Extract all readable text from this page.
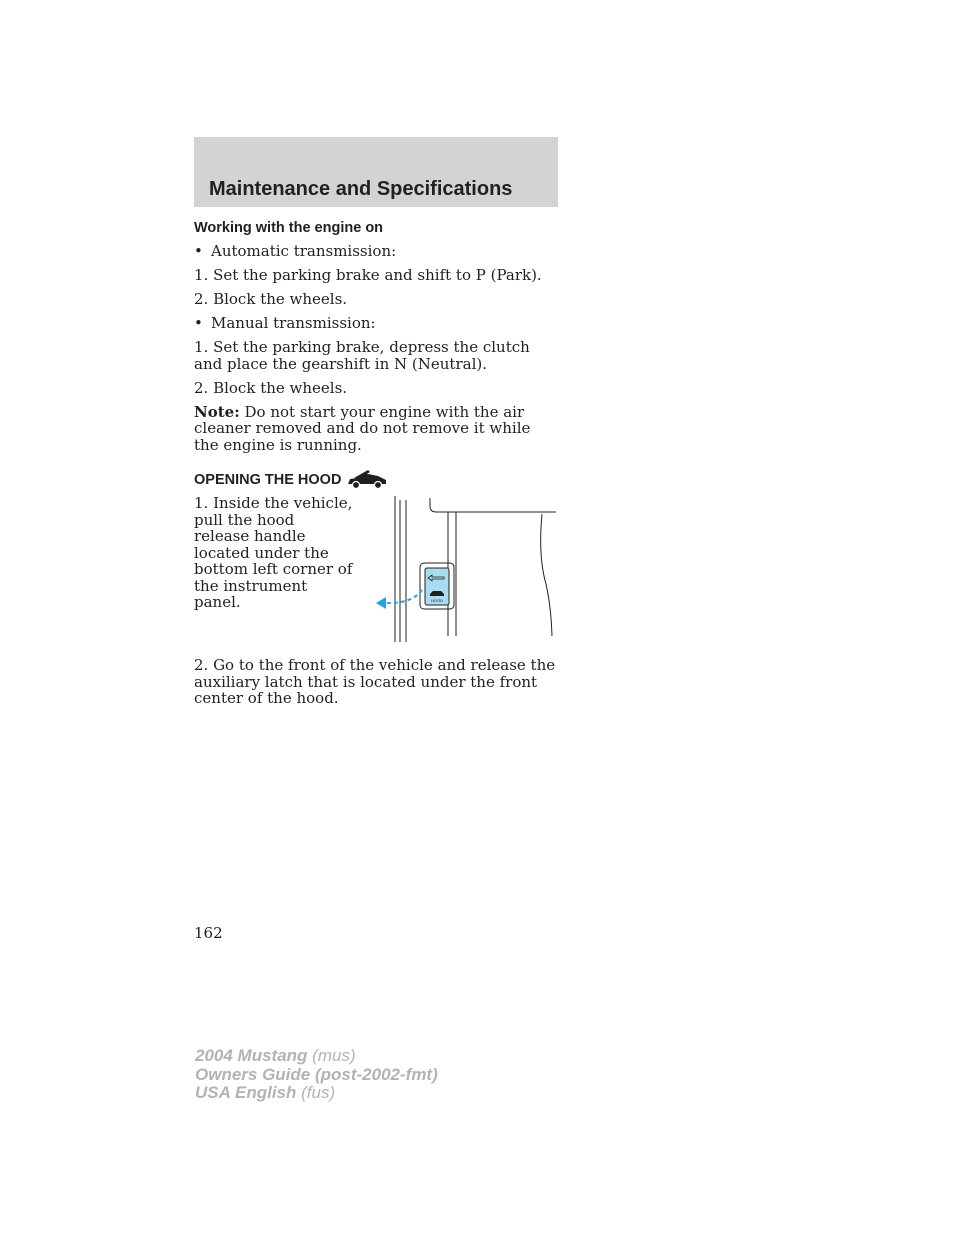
Maintenance and Specifications

Working with the engine on

• Automatic transmission:

1. Set the parking brake and shift to P (Park).

2. Block the wheels.

• Manual transmission:

1. Set the parking brake, depress the clutch and place the gearshift in N (Neutral).

2. Block the wheels.

Note: Do not start your engine with the air cleaner removed and do not remove it while the engine is running.

OPENING THE HOOD

1. Inside the vehicle, pull the hood release handle located under the bottom left corner of the instrument panel.	HOOD

2. Go to the front of the vehicle and release the auxiliary latch that is located under the front center of the hood.

162

2004 Mustang (mus)
Owners Guide (post-2002-fmt)
USA English (fus)
